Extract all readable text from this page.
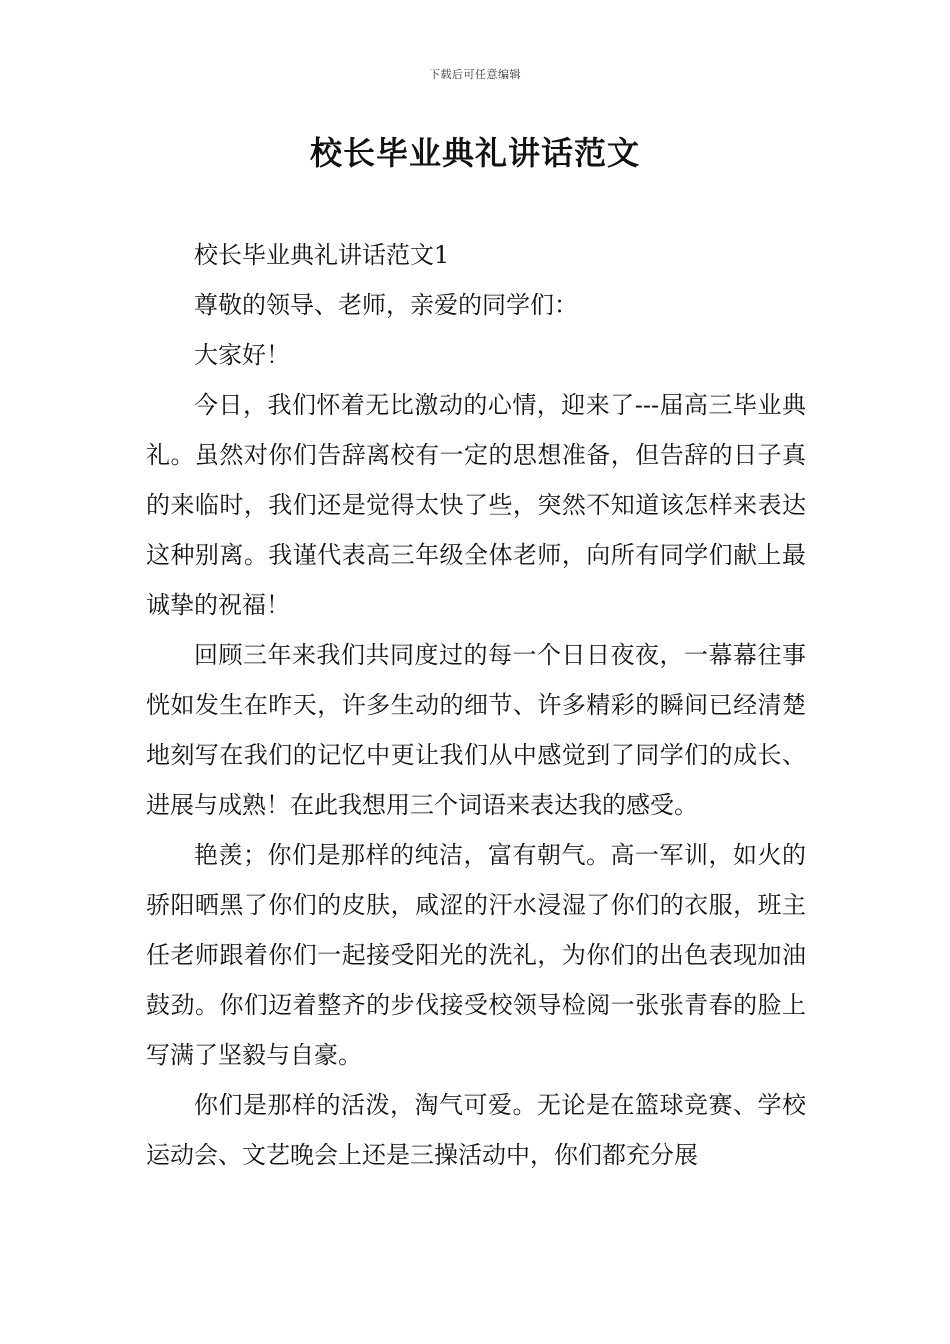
下载后可任意编辑
校长毕业典礼讲话范文

校长毕业典礼讲话范文1

尊敬的领导、老师，亲爱的同学们：

大家好！

今日，我们怀着无比激动的心情，迎来了---届高三毕业典礼。虽然对你们告辞离校有一定的思想准备，但告辞的日子真的来临时，我们还是觉得太快了些，突然不知道该怎样来表达这种别离。我谨代表高三年级全体老师，向所有同学们献上最诚挚的祝福！

回顾三年来我们共同度过的每一个日日夜夜，一幕幕往事恍如发生在昨天，许多生动的细节、许多精彩的瞬间已经清楚地刻写在我们的记忆中更让我们从中感觉到了同学们的成长、进展与成熟！在此我想用三个词语来表达我的感受。

艳羡；你们是那样的纯洁，富有朝气。高一军训，如火的骄阳晒黑了你们的皮肤，咸涩的汗水浸湿了你们的衣服，班主任老师跟着你们一起接受阳光的洗礼，为你们的出色表现加油鼓劲。你们迈着整齐的步伐接受校领导检阅一张张青春的脸上写满了坚毅与自豪。

你们是那样的活泼，淘气可爱。无论是在篮球竞赛、学校运动会、文艺晚会上还是三操活动中，你们都充分展
